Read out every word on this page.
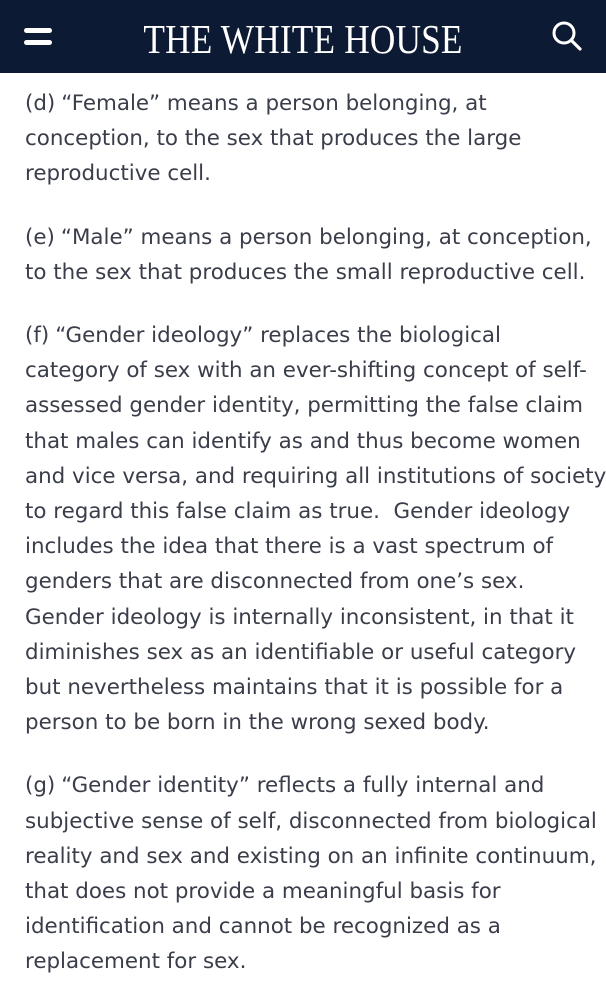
THE WHITE HOUSE

(d) “Female” means a person belonging, at
conception, to the sex that produces the large
reproductive cell.

(e) “Male” means a person belonging, at conception,
to the sex that produces the small reproductive cell.

(f) “Gender ideology” replaces the biological
category of sex with an ever-shifting concept of self-
assessed gender identity, permitting the false claim
that males can identify as and thus become women
and vice versa, and requiring all institutions of society
to regard this false claim as true.  Gender ideology
includes the idea that there is a vast spectrum of
genders that are disconnected from one’s sex.
Gender ideology is internally inconsistent, in that it
diminishes sex as an identifiable or useful category
but nevertheless maintains that it is possible for a
person to be born in the wrong sexed body.

(g) “Gender identity” reflects a fully internal and
subjective sense of self, disconnected from biological
reality and sex and existing on an infinite continuum,
that does not provide a meaningful basis for
identification and cannot be recognized as a
replacement for sex.
